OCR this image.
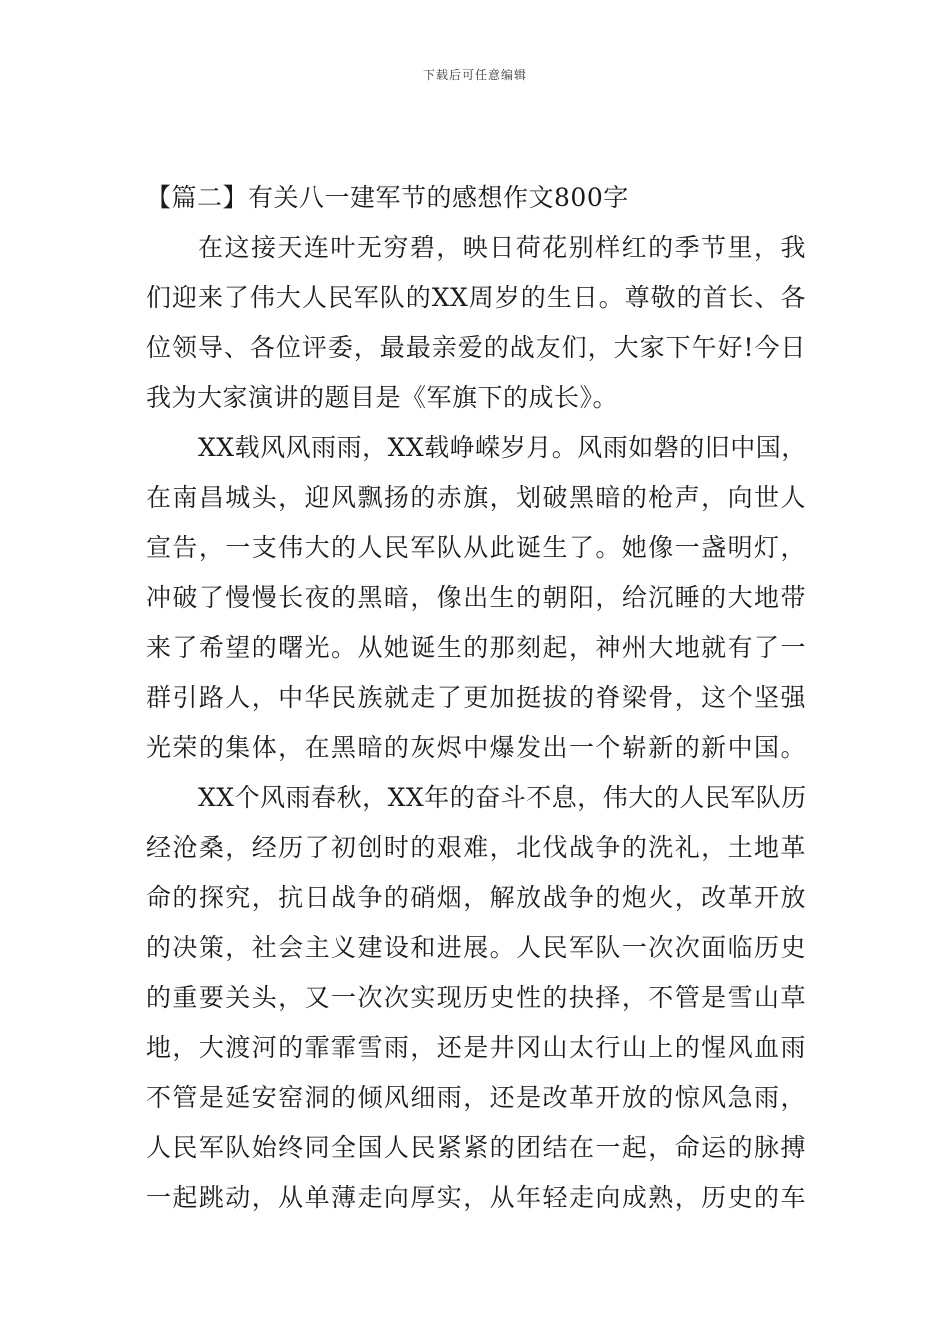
下载后可任意编辑
【篇二】有关八一建军节的感想作文800字
在这接天连叶无穷碧，映日荷花别样红的季节里，我
们迎来了伟大人民军队的XX周岁的生日。尊敬的首长、各
位领导、各位评委，最最亲爱的战友们，大家下午好!今日
我为大家演讲的题目是《军旗下的成长》。
XX载风风雨雨，XX载峥嵘岁月。风雨如磐的旧中国，
在南昌城头，迎风飘扬的赤旗，划破黑暗的枪声，向世人
宣告，一支伟大的人民军队从此诞生了。她像一盏明灯，
冲破了慢慢长夜的黑暗，像出生的朝阳，给沉睡的大地带
来了希望的曙光。从她诞生的那刻起，神州大地就有了一
群引路人，中华民族就走了更加挺拔的脊梁骨，这个坚强
光荣的集体，在黑暗的灰烬中爆发出一个崭新的新中国。
XX个风雨春秋，XX年的奋斗不息，伟大的人民军队历
经沧桑，经历了初创时的艰难，北伐战争的洗礼，土地革
命的探究，抗日战争的硝烟，解放战争的炮火，改革开放
的决策，社会主义建设和进展。人民军队一次次面临历史
的重要关头，又一次次实现历史性的抉择，不管是雪山草
地，大渡河的霏霏雪雨，还是井冈山太行山上的惺风血雨
不管是延安窑洞的倾风细雨，还是改革开放的惊风急雨，
人民军队始终同全国人民紧紧的团结在一起，命运的脉搏
一起跳动，从单薄走向厚实，从年轻走向成熟，历史的车
